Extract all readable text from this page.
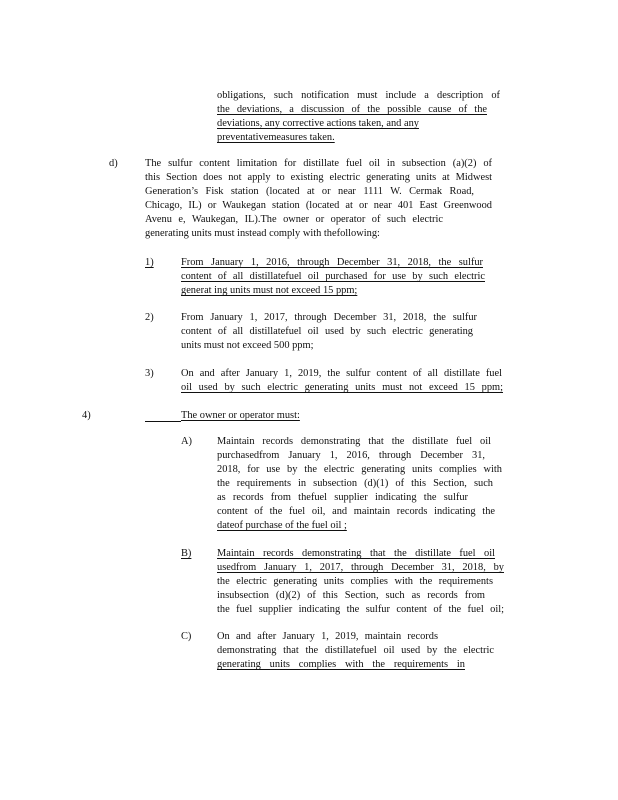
obligations, such notification must include a description of
the deviations, a discussion of the possible cause of the
deviations, any corrective actions taken, and any
preventativemeasures taken.
d)	The sulfur content limitation for distillate fuel oil in subsection (a)(2) of
this Section does not apply to existing electric generating units at Midwest
Generation’s Fisk station (located at or near 1111 W. Cermak Road,
Chicago, IL) or Waukegan station (located at or near 401 East Greenwood
Avenu e, Waukegan, IL).The owner or operator of such electric
generating units must instead comply with thefollowing:
1)	From January 1, 2016, through December 31, 2018, the sulfur
content of all distillatefuel oil purchased for use by such electric
generat ing units must not exceed 15 ppm;
2)	From January 1, 2017, through December 31, 2018, the sulfur
content of all distillatefuel oil used by such electric generating
units must not exceed 500 ppm;
3)	On and after January 1, 2019, the sulfur content of all distillate fuel
oil used by such electric generating units must not exceed 15 ppm;
4)	The owner or operator must:
A) Maintain records demonstrating that the distillate fuel oil
purchasedfrom January 1, 2016, through December 31,
2018, for use by the electric generating units complies with
the requirements in subsection (d)(1) of this Section, such
as records from thefuel supplier indicating the sulfur
content of the fuel oil, and maintain records indicating the
dateof purchase of the fuel oil ;
B) Maintain records demonstrating that the distillate fuel oil
usedfrom January 1, 2017, through December 31, 2018, by
the electric generating units complies with the requirements
insubsection (d)(2) of this Section, such as records from
the fuel supplier indicating the sulfur content of the fuel oil;
C) On and after January 1, 2019, maintain records
demonstrating that the distillatefuel oil used by the electric
generating units complies with the requirements in
